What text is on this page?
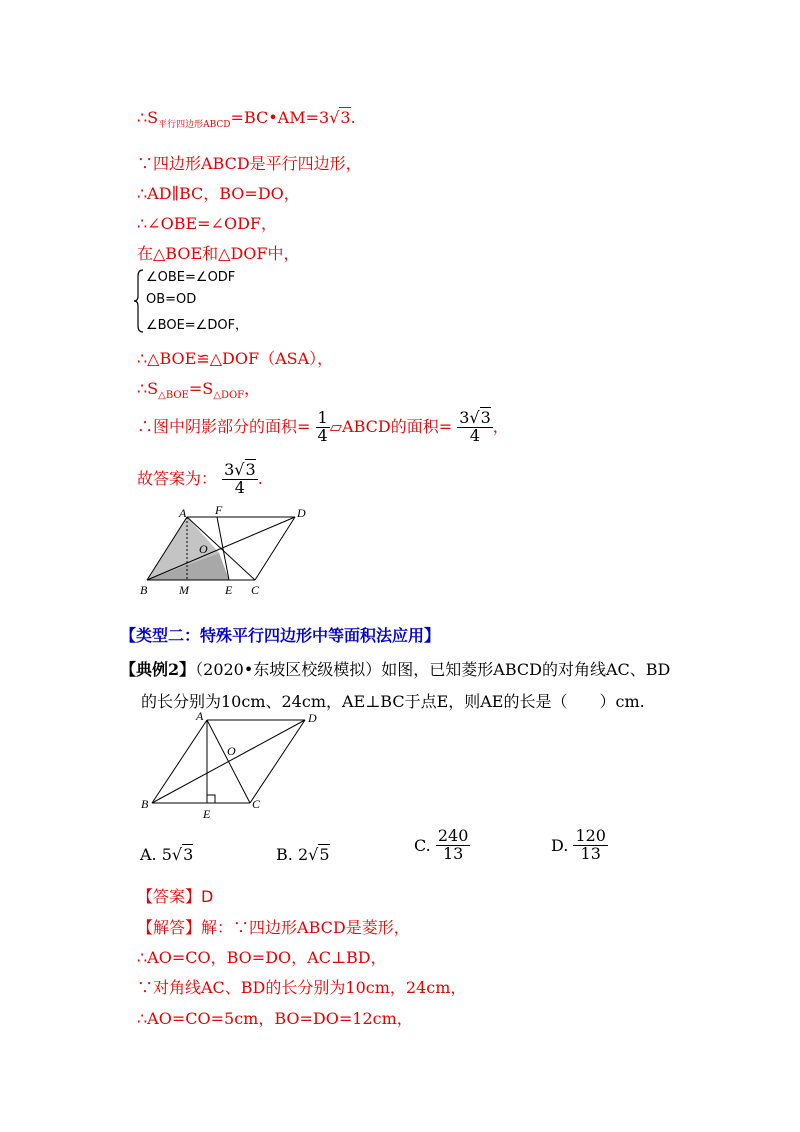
$\therefore S_{平行四边形ABCD}=BC•AM=3√3$.
∵四边形ABCD是平行四边形，
∴AD∥BC，BO=DO，
∴∠OBE=∠ODF，
在△BOE和△DOF中，
∠OBE=∠ODF
OB=OD
∠BOE=∠DOF，
∴△BOE≌△DOF（ASA），
$\therefore S_{\triangle BOE}=S_{\triangle DOF}$，
∴图中阴影部分的面积= $\frac{1}{4}$ ▱ABCD的面积= $\frac{3√3}{4}$ ，
故答案为： $\frac{3√3}{4}$ .
A F	D
O
B	M	E C
【类型二：特殊平行四边形中等面积法应用】
【典例2】（2020•东坡区校级模拟）如图，已知菱形ABCD的对角线AC、BD
的长分别为10cm、24cm，AE⊥BC于点E，则AE的长是（　　）cm.
A	D
O
B
E
C
A. 5√3	B. 2√5	C. $\frac{240}{13}$	D. $\frac{120}{13}$
【答案】D
【解答】解：∵四边形ABCD是菱形，
∴AO=CO，BO=DO，AC⊥BD，
∵对角线AC、BD的长分别为10cm，24cm，
∴AO=CO=5cm，BO=DO=12cm，
